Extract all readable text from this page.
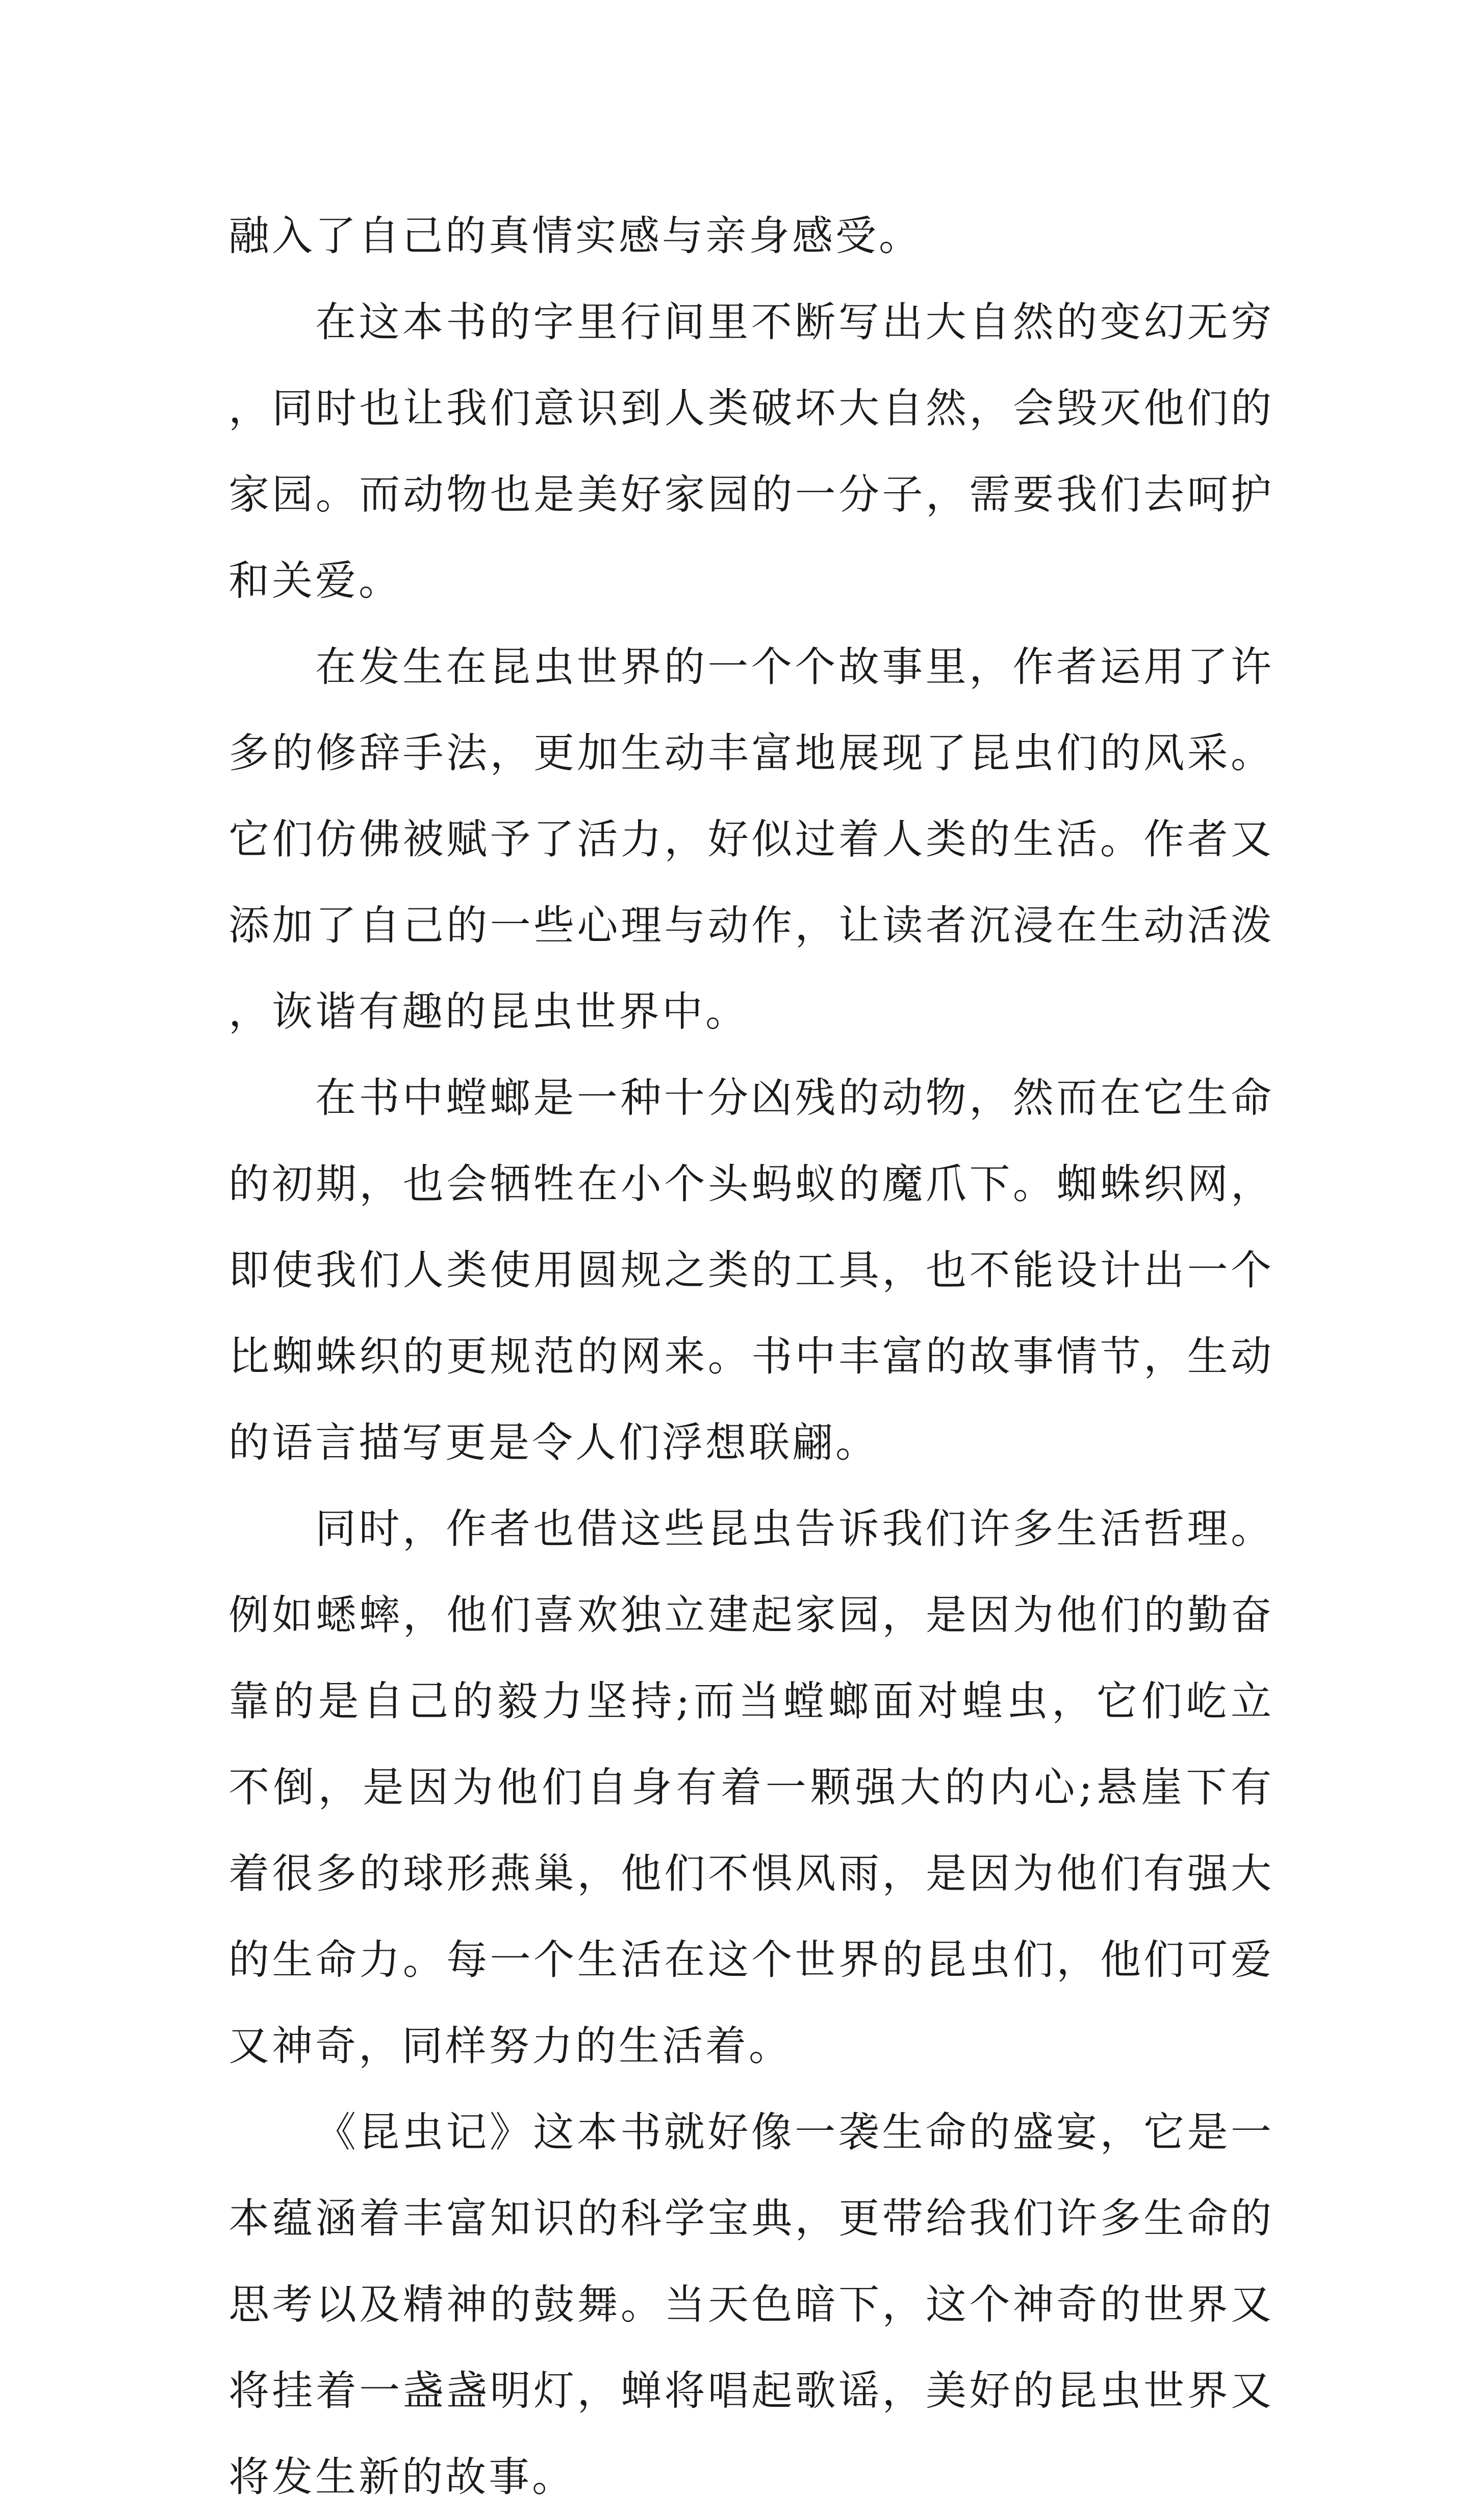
融入了自己的真情实感与亲身感受。

在这本书的字里行间里不断写出大自然的变幻无穷，同时也让我们意识到人类破坏大自然，会毁灭他们的家园。而动物也是美好家园的一分子，需要我们去呵护和关爱。

在发生在昆虫世界的一个个故事里，作者运用了许多的修辞手法，更加生动丰富地展现了昆虫们的风采。它们仿佛被赋予了活力，好似过着人类的生活。作者又添加了自己的一些心理与动作，让读者沉浸在生动活泼，诙谐有趣的昆虫世界中。

在书中螳螂是一种十分凶残的动物，然而在它生命的初期，也会牺牲在小个头蚂蚁的魔爪下。蜘蛛织网，即使我们人类使用圆规之类的工具，也不能设计出一个比蜘蛛织的更规范的网来。书中丰富的故事情节，生动的语言描写更是令人们浮想联翩。

同时，作者也借这些昆虫告诉我们许多生活哲理。例如蟋蟀，他们喜欢独立建起家园，是因为他们的勤奋靠的是自己的毅力坚持;而当螳螂面对蝗虫，它们屹立不倒，是因为他们自身有着一颗强大的内心;悬崖下有着很多的球形燕巢，他们不惧风雨，是因为他们有强大的生命力。每一个生活在这个世界的昆虫们，他们可爱又神奇，同样努力的生活着。

《昆虫记》这本书就好像一袭生命的盛宴，它是一本蕴涵着丰富知识的科学宝典，更带给我们许多生命的思考以及精神的鼓舞。当天色暗下，这个神奇的世界又将挂着一盏盏明灯，蝉将唱起歌谣，美好的昆虫世界又将发生新的故事。
